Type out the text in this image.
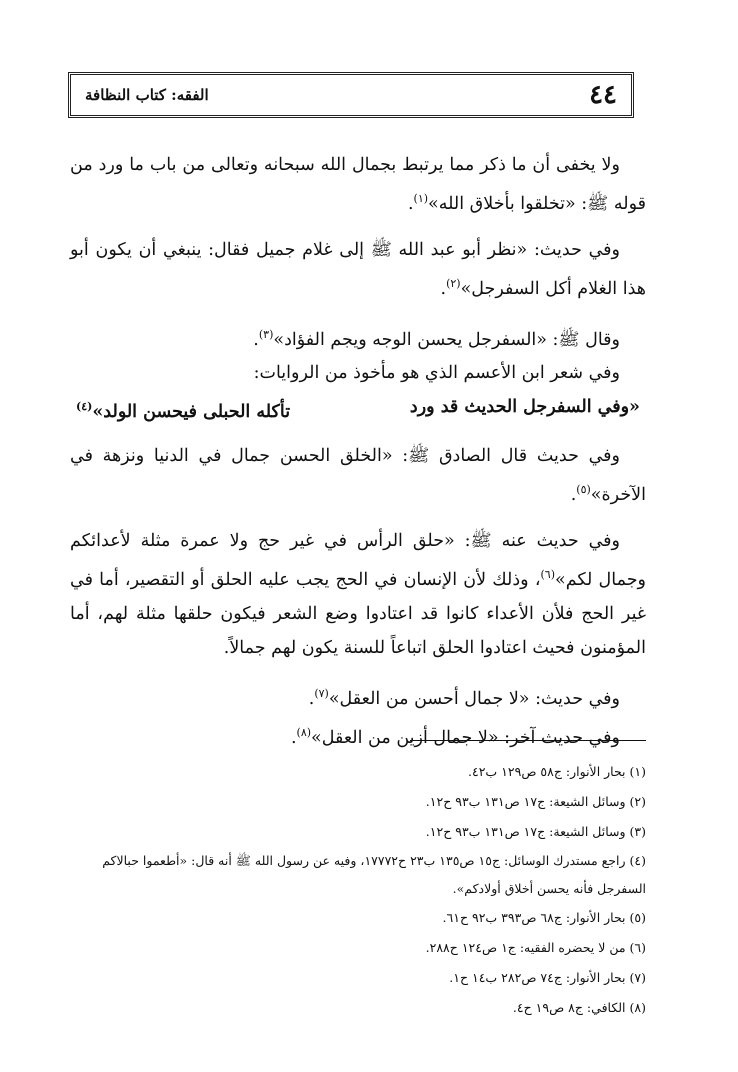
٤٤
الفقه: كتاب النظافة

ولا يخفى أن ما ذكر مما يرتبط بجمال الله سبحانه وتعالى من باب ما ورد من قوله ﷺ: «تخلقوا بأخلاق الله»$^{(١)}$.

وفي حديث: «نظر أبو عبد الله ﷺ إلى غلام جميل فقال: ينبغي أن يكون أبو هذا الغلام أكل السفرجل»$^{(٢)}$.

وقال ﷺ: «السفرجل يحسن الوجه ويجم الفؤاد»$^{(٣)}$.

وفي شعر ابن الأعسم الذي هو مأخوذ من الروايات:

«وفي السفرجل الحديث قد ورد
تأكله الحبلى فيحسن الولد»$^{(٤)}$

وفي حديث قال الصادق ﷺ: «الخلق الحسن جمال في الدنيا ونزهة في الآخرة»$^{(٥)}$.

وفي حديث عنه ﷺ: «حلق الرأس في غير حج ولا عمرة مثلة لأعدائكم وجمال لكم»$^{(٦)}$، وذلك لأن الإنسان في الحج يجب عليه الحلق أو التقصير، أما في غير الحج فلأن الأعداء كانوا قد اعتادوا وضع الشعر فيكون حلقها مثلة لهم، أما المؤمنون فحيث اعتادوا الحلق اتباعاً للسنة يكون لهم جمالاً.

وفي حديث: «لا جمال أحسن من العقل»$^{(٧)}$.

وفي حديث آخر: «لا جمال أزين من العقل»$^{(٨)}$.

(١) بحار الأنوار: ج٥٨ ص١٢٩ ب٤٢.
(٢) وسائل الشيعة: ج١٧ ص١٣١ ب٩٣ ح١٢.
(٣) وسائل الشيعة: ج١٧ ص١٣١ ب٩٣ ح١٢.
(٤) راجع مستدرك الوسائل: ج١٥ ص١٣٥ ب٢٣ ح١٧٧٧٢، وفيه عن رسول الله ﷺ أنه قال: «أطعموا حبالاكم السفرجل فأنه يحسن أخلاق أولادكم».
(٥) بحار الأنوار: ج٦٨ ص٣٩٣ ب٩٢ ح٦١.
(٦) من لا يحضره الفقيه: ج١ ص١٢٤ ح٢٨٨.
(٧) بحار الأنوار: ج٧٤ ص٢٨٢ ب١٤ ح١.
(٨) الكافي: ج٨ ص١٩ ح٤.
